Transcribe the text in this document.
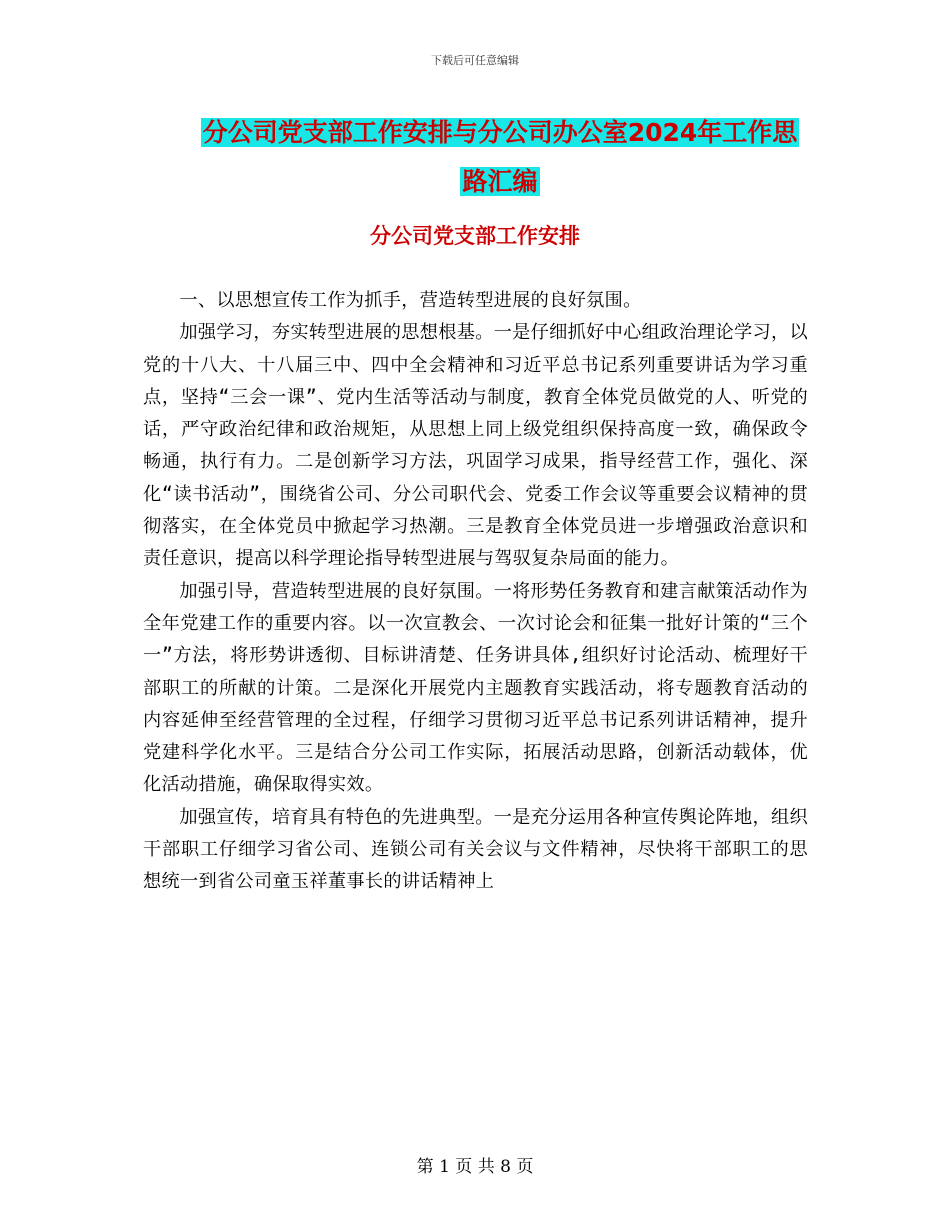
下载后可任意编辑
分公司党支部工作安排与分公司办公室2024年工作思
路汇编
分公司党支部工作安排

一、以思想宣传工作为抓手，营造转型进展的良好氛围。

加强学习，夯实转型进展的思想根基。一是仔细抓好中心组政治理论学习，以党的十八大、十八届三中、四中全会精神和习近平总书记系列重要讲话为学习重点，坚持“三会一课”、党内生活等活动与制度，教育全体党员做党的人、听党的话，严守政治纪律和政治规矩，从思想上同上级党组织保持高度一致，确保政令畅通，执行有力。二是创新学习方法，巩固学习成果，指导经营工作，强化、深化“读书活动”，围绕省公司、分公司职代会、党委工作会议等重要会议精神的贯彻落实，在全体党员中掀起学习热潮。三是教育全体党员进一步增强政治意识和责任意识，提高以科学理论指导转型进展与驾驭复杂局面的能力。

加强引导，营造转型进展的良好氛围。一将形势任务教育和建言献策活动作为全年党建工作的重要内容。以一次宣教会、一次讨论会和征集一批好计策的“三个一”方法，将形势讲透彻、目标讲清楚、任务讲具体,组织好讨论活动、梳理好干部职工的所献的计策。二是深化开展党内主题教育实践活动，将专题教育活动的内容延伸至经营管理的全过程，仔细学习贯彻习近平总书记系列讲话精神，提升党建科学化水平。三是结合分公司工作实际，拓展活动思路，创新活动载体，优化活动措施，确保取得实效。

加强宣传，培育具有特色的先进典型。一是充分运用各种宣传舆论阵地，组织干部职工仔细学习省公司、连锁公司有关会议与文件精神，尽快将干部职工的思想统一到省公司童玉祥董事长的讲话精神上

第 1 页 共 8 页
